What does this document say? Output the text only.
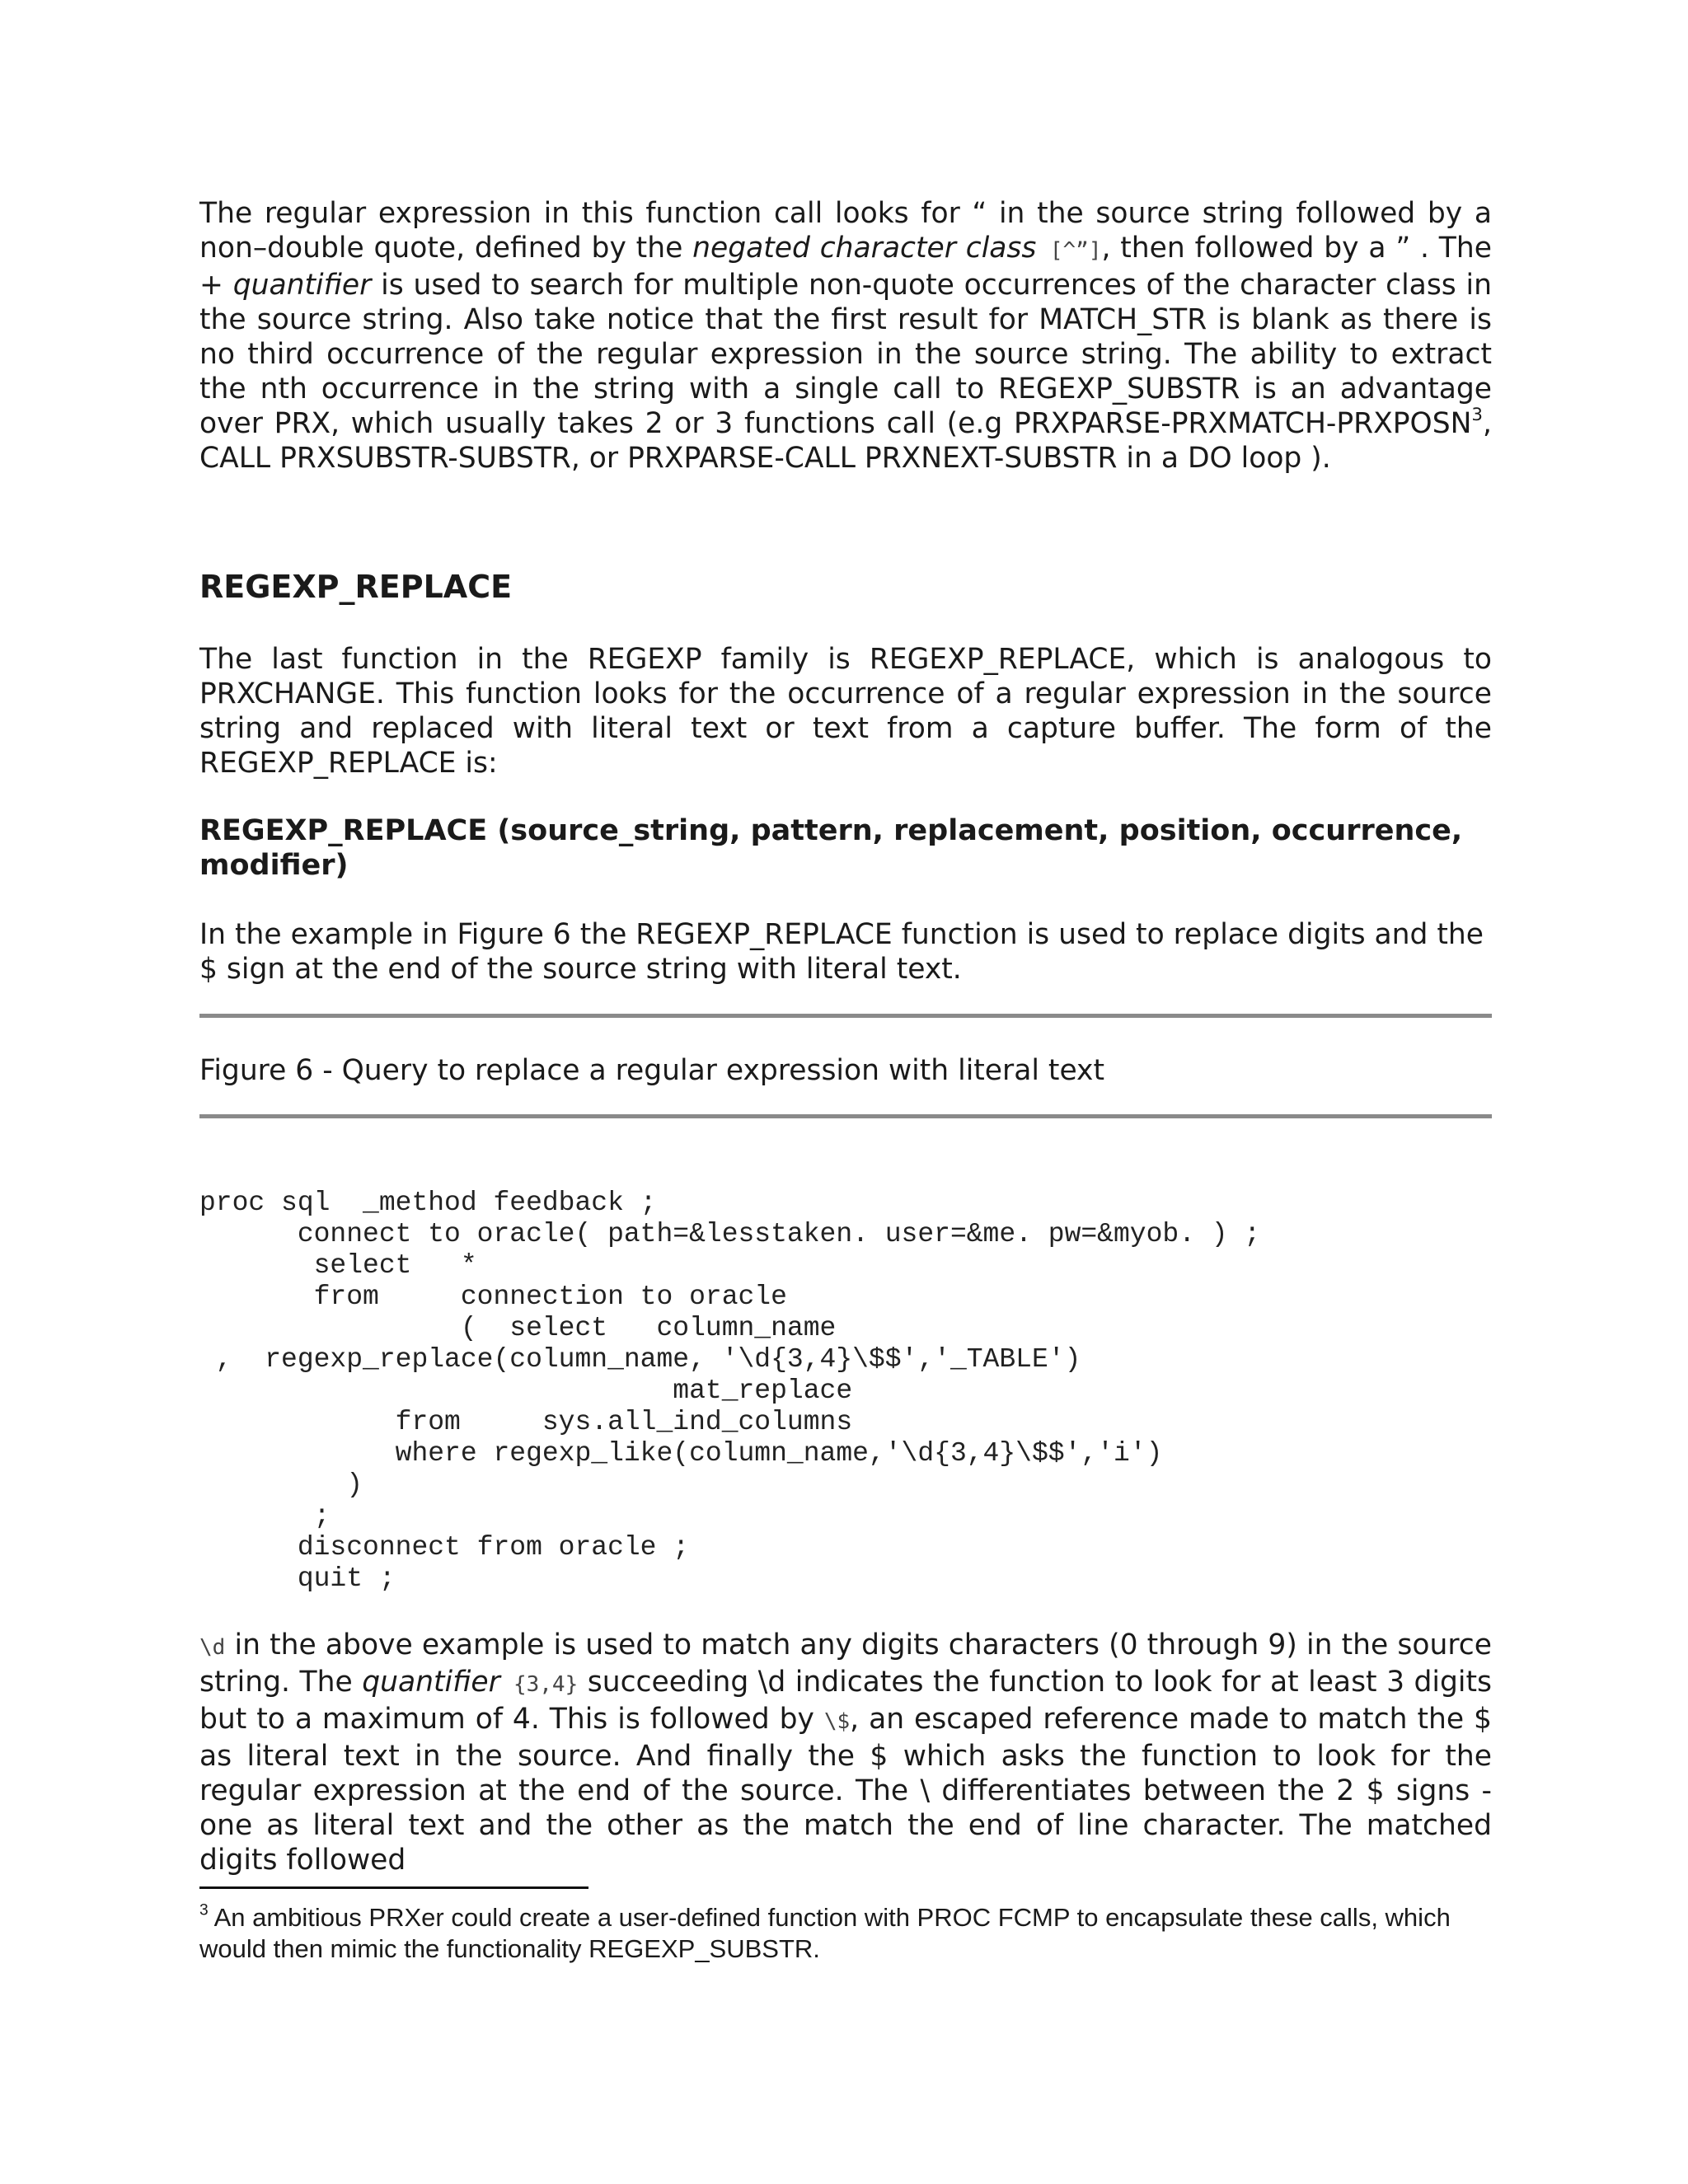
The regular expression in this function call looks for “ in the source string followed by a non–double quote, defined by the negated character class [^”], then followed by a ” . The + quantifier is used to search for multiple non-quote occurrences of the character class in the source string. Also take notice that the first result for MATCH_STR is blank as there is no third occurrence of the regular expression in the source string. The ability to extract the nth occurrence in the string with a single call to REGEXP_SUBSTR is an advantage over PRX, which usually takes 2 or 3 functions call (e.g PRXPARSE-PRXMATCH-PRXPOSN$^3$, CALL PRXSUBSTR-SUBSTR, or PRXPARSE-CALL PRXNEXT-SUBSTR in a DO loop ).

REGEXP_REPLACE

The last function in the REGEXP family is REGEXP_REPLACE, which is analogous to PRXCHANGE. This function looks for the occurrence of a regular expression in the source string and replaced with literal text or text from a capture buffer. The form of the REGEXP_REPLACE is:

REGEXP_REPLACE (source_string, pattern, replacement, position, occurrence, modifier)

In the example in Figure 6 the REGEXP_REPLACE function is used to replace digits and the $ sign at the end of the source string with literal text.

Figure 6 - Query to replace a regular expression with literal text

proc sql  _method feedback ;
connect to oracle( path=&lesstaken. user=&me. pw=&myob. ) ;
select   *
from     connection to oracle
(  select   column_name
,  regexp_replace(column_name, '\d{3,4}\$$','_TABLE')
mat_replace
from     sys.all_ind_columns
where regexp_like(column_name,'\d{3,4}\$$','i')
)
;
disconnect from oracle ;
quit ;

\d in the above example is used to match any digits characters (0 through 9) in the source string. The quantifier {3,4} succeeding \d indicates the function to look for at least 3 digits but to a maximum of 4. This is followed by \$, an escaped reference made to match the $ as literal text in the source. And finally the $ which asks the function to look for the regular expression at the end of the source. The \ differentiates between the 2 $ signs - one as literal text and the other as the match the end of line character. The matched digits followed

$^3$ An ambitious PRXer could create a user-defined function with PROC FCMP to encapsulate these calls, which would then mimic the functionality REGEXP_SUBSTR.
